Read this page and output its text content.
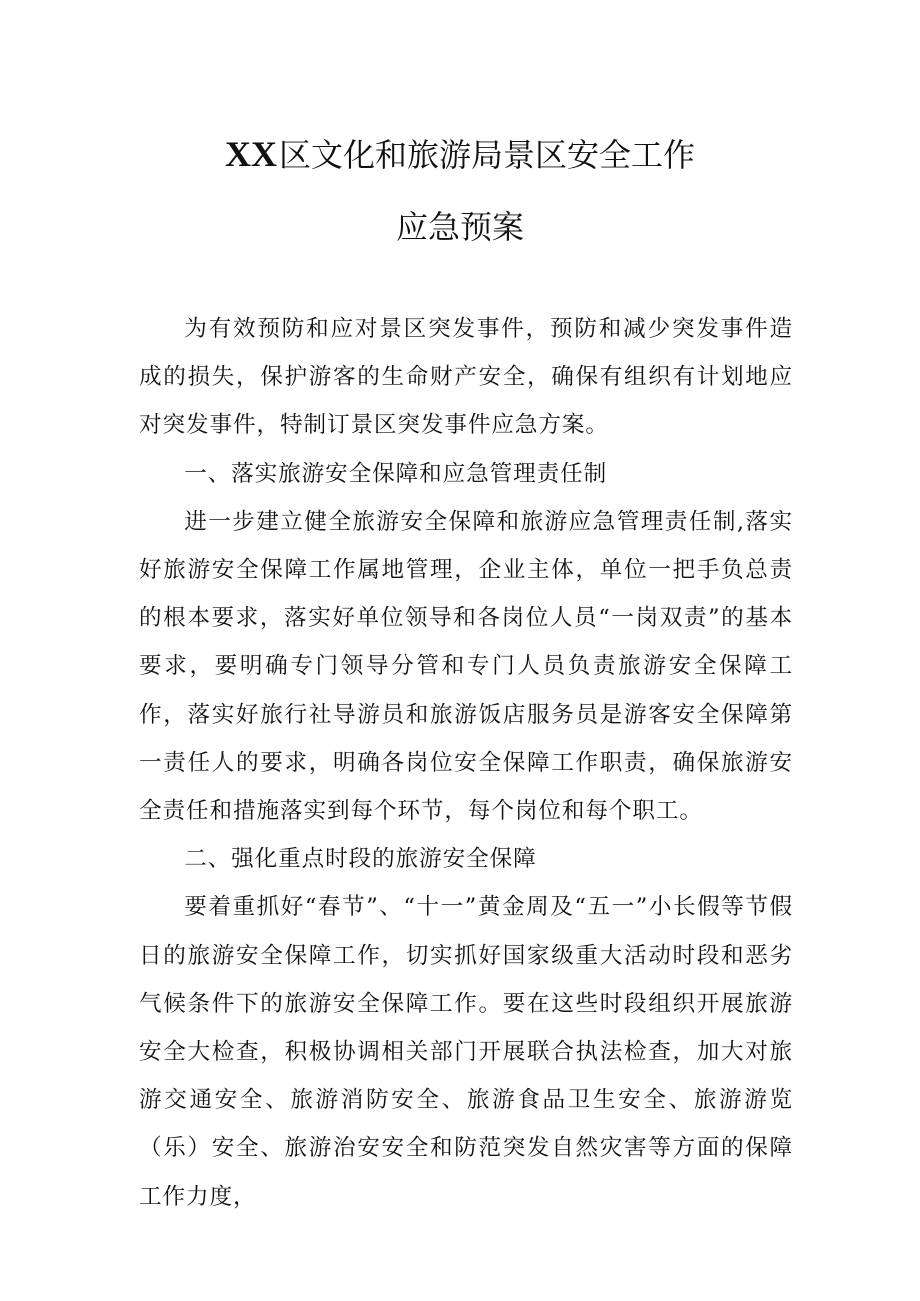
XX区文化和旅游局景区安全工作
应急预案

为有效预防和应对景区突发事件，预防和减少突发事件造成的损失，保护游客的生命财产安全，确保有组织有计划地应对突发事件，特制订景区突发事件应急方案。

一、落实旅游安全保障和应急管理责任制

进一步建立健全旅游安全保障和旅游应急管理责任制,落实好旅游安全保障工作属地管理，企业主体，单位一把手负总责的根本要求，落实好单位领导和各岗位人员“一岗双责”的基本要求，要明确专门领导分管和专门人员负责旅游安全保障工作，落实好旅行社导游员和旅游饭店服务员是游客安全保障第一责任人的要求，明确各岗位安全保障工作职责，确保旅游安全责任和措施落实到每个环节，每个岗位和每个职工。

二、强化重点时段的旅游安全保障

要着重抓好“春节”、“十一”黄金周及“五一”小长假等节假日的旅游安全保障工作，切实抓好国家级重大活动时段和恶劣气候条件下的旅游安全保障工作。要在这些时段组织开展旅游安全大检查，积极协调相关部门开展联合执法检查，加大对旅游交通安全、旅游消防安全、旅游食品卫生安全、旅游游览（乐）安全、旅游治安安全和防范突发自然灾害等方面的保障工作力度，
